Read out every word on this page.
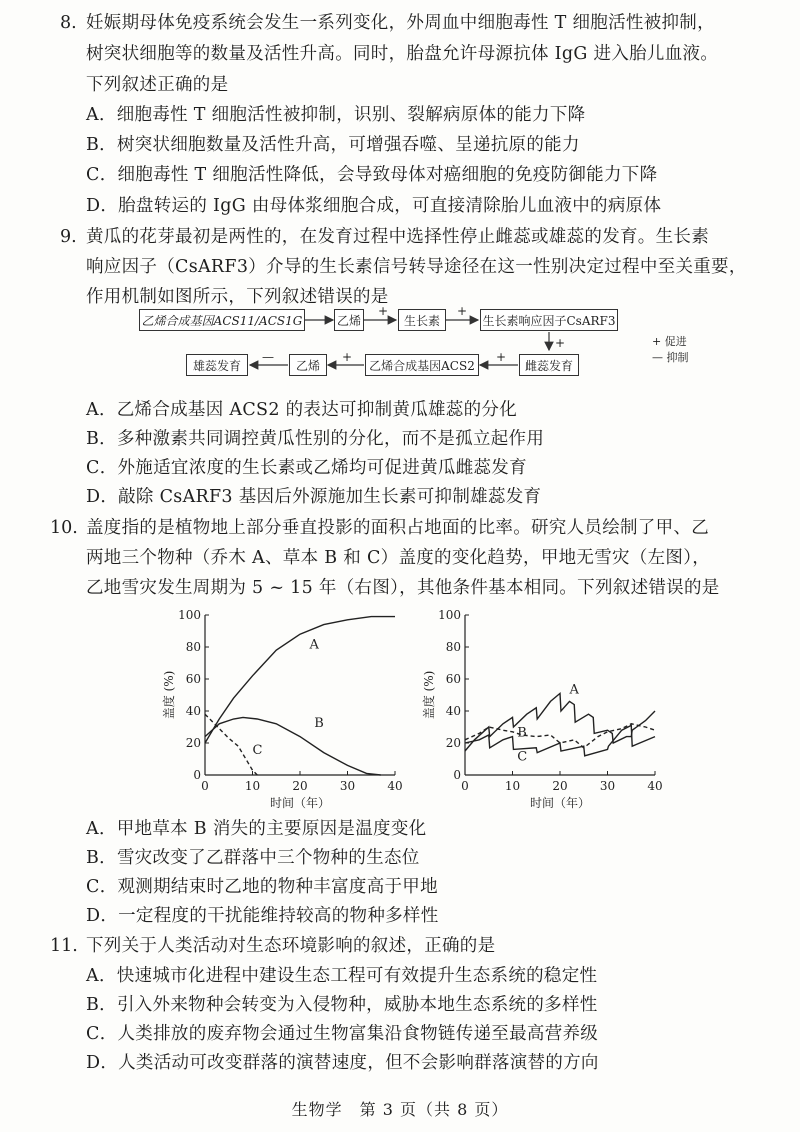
8. 妊娠期母体免疫系统会发生一系列变化，外周血中细胞毒性 T 细胞活性被抑制，
树突状细胞等的数量及活性升高。同时，胎盘允许母源抗体 IgG 进入胎儿血液。
下列叙述正确的是
A．细胞毒性 T 细胞活性被抑制，识别、裂解病原体的能力下降
B．树突状细胞数量及活性升高，可增强吞噬、呈递抗原的能力
C．细胞毒性 T 细胞活性降低，会导致母体对癌细胞的免疫防御能力下降
D．胎盘转运的 IgG 由母体浆细胞合成，可直接清除胎儿血液中的病原体
9. 黄瓜的花芽最初是两性的，在发育过程中选择性停止雌蕊或雄蕊的发育。生长素
响应因子（CsARF3）介导的生长素信号转导途径在这一性别决定过程中至关重要，
作用机制如图所示，下列叙述错误的是
乙烯合成基因ACS11/ACS1G	乙烯	生长素	生长素响应因子CsARF3
雌蕊发育
乙烯合成基因ACS2
乙烯
雄蕊发育
+	+
+
+
+
—
+ 促进
— 抑制
A．乙烯合成基因 ACS2 的表达可抑制黄瓜雄蕊的分化
B．多种激素共同调控黄瓜性别的分化，而不是孤立起作用
C．外施适宜浓度的生长素或乙烯均可促进黄瓜雌蕊发育
D．敲除 CsARF3 基因后外源施加生长素可抑制雄蕊发育
10. 盖度指的是植物地上部分垂直投影的面积占地面的比率。研究人员绘制了甲、乙
两地三个物种（乔木 A、草本 B 和 C）盖度的变化趋势，甲地无雪灾（左图），
乙地雪灾发生周期为 5 ~ 15 年（右图），其他条件基本相同。下列叙述错误的是
0
20
40
60
80
100
0	10	20	30	40
盖度 (%)
时间（年）
A
B
C
0
20
40
60
80
100
0	10	20	30	40
盖度 (%)
时间（年）
A
B
C
A．甲地草本 B 消失的主要原因是温度变化
B．雪灾改变了乙群落中三个物种的生态位
C．观测期结束时乙地的物种丰富度高于甲地
D．一定程度的干扰能维持较高的物种多样性
11. 下列关于人类活动对生态环境影响的叙述，正确的是
A．快速城市化进程中建设生态工程可有效提升生态系统的稳定性
B．引入外来物种会转变为入侵物种，威胁本地生态系统的多样性
C．人类排放的废弃物会通过生物富集沿食物链传递至最高营养级
D．人类活动可改变群落的演替速度，但不会影响群落演替的方向
生物学　第 3 页（共 8 页）
